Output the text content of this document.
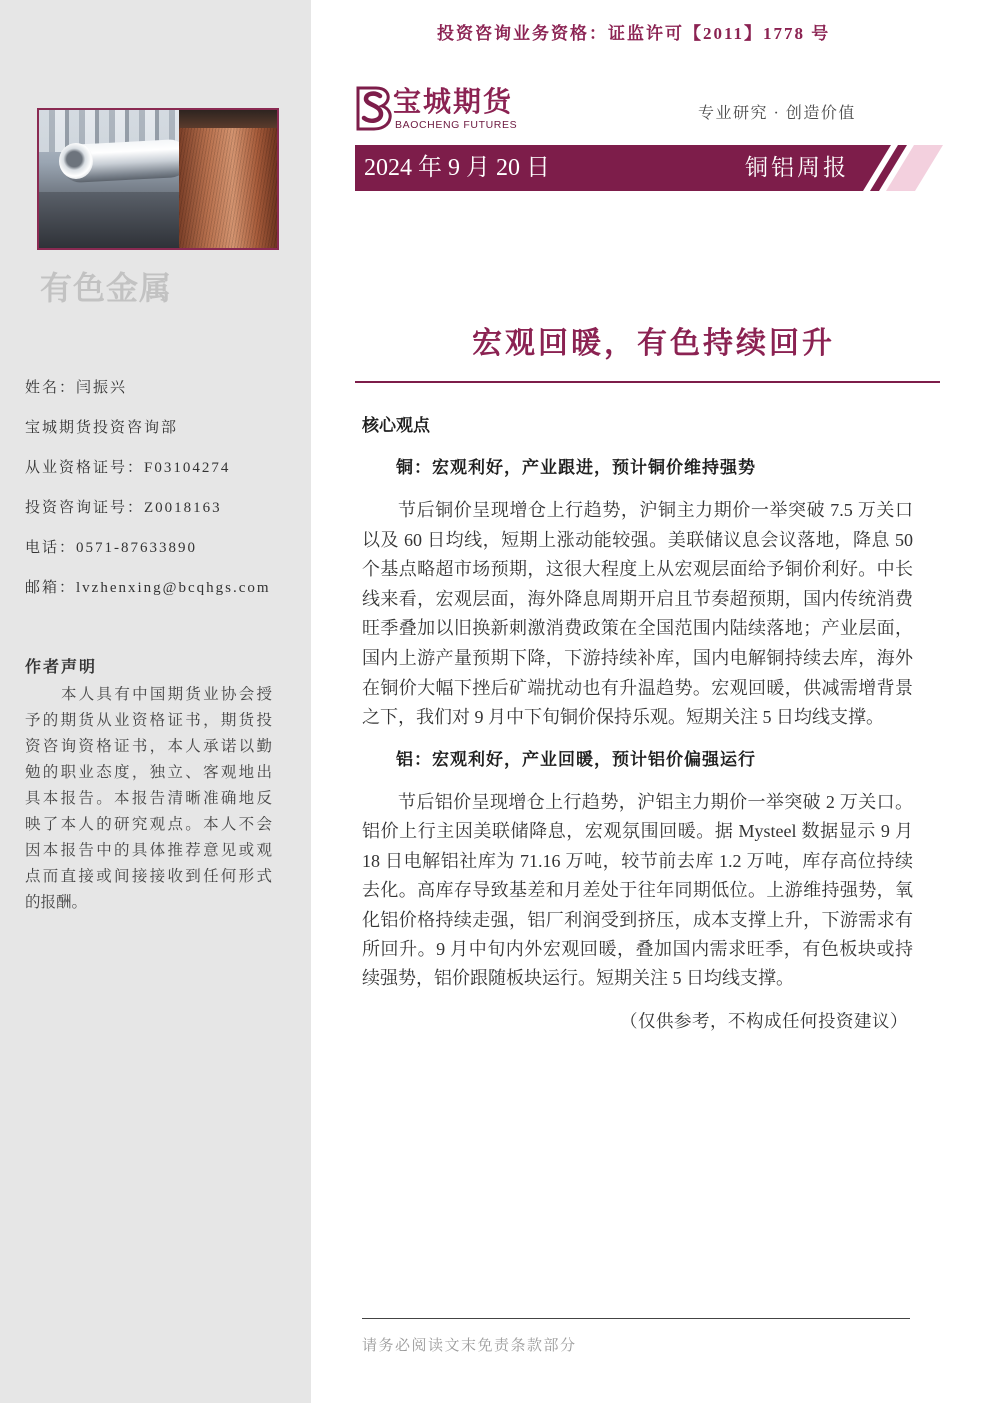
有色金属
姓名：闫振兴
宝城期货投资咨询部
从业资格证号：F03104274
投资咨询证号：Z0018163
电话：0571-87633890
邮箱：lvzhenxing@bcqhgs.com
作者声明
本人具有中国期货业协会授
予的期货从业资格证书，期货投
资咨询资格证书，本人承诺以勤
勉的职业态度，独立、客观地出
具本报告。本报告清晰准确地反
映了本人的研究观点。本人不会
因本报告中的具体推荐意见或观
点而直接或间接接收到任何形式
的报酬。
投资咨询业务资格：证监许可【2011】1778 号
宝城期货
BAOCHENG FUTURES
专业研究 · 创造价值
2024 年 9 月 20 日	铜铝周报
宏观回暖，有色持续回升
核心观点
铜：宏观利好，产业跟进，预计铜价维持强势
节后铜价呈现增仓上行趋势，沪铜主力期价一举突破 7.5 万关口
以及 60 日均线，短期上涨动能较强。美联储议息会议落地，降息 50
个基点略超市场预期，这很大程度上从宏观层面给予铜价利好。中长
线来看，宏观层面，海外降息周期开启且节奏超预期，国内传统消费
旺季叠加以旧换新刺激消费政策在全国范围内陆续落地；产业层面，
国内上游产量预期下降，下游持续补库，国内电解铜持续去库，海外
在铜价大幅下挫后矿端扰动也有升温趋势。宏观回暖，供减需增背景
之下，我们对 9 月中下旬铜价保持乐观。短期关注 5 日均线支撑。
铝：宏观利好，产业回暖，预计铝价偏强运行
节后铝价呈现增仓上行趋势，沪铝主力期价一举突破 2 万关口。
铝价上行主因美联储降息，宏观氛围回暖。据 Mysteel 数据显示 9 月
18 日电解铝社库为 71.16 万吨，较节前去库 1.2 万吨，库存高位持续
去化。高库存导致基差和月差处于往年同期低位。上游维持强势，氧
化铝价格持续走强，铝厂利润受到挤压，成本支撑上升，下游需求有
所回升。9 月中旬内外宏观回暖，叠加国内需求旺季，有色板块或持
续强势，铝价跟随板块运行。短期关注 5 日均线支撑。
（仅供参考，不构成任何投资建议）
请务必阅读文末免责条款部分
